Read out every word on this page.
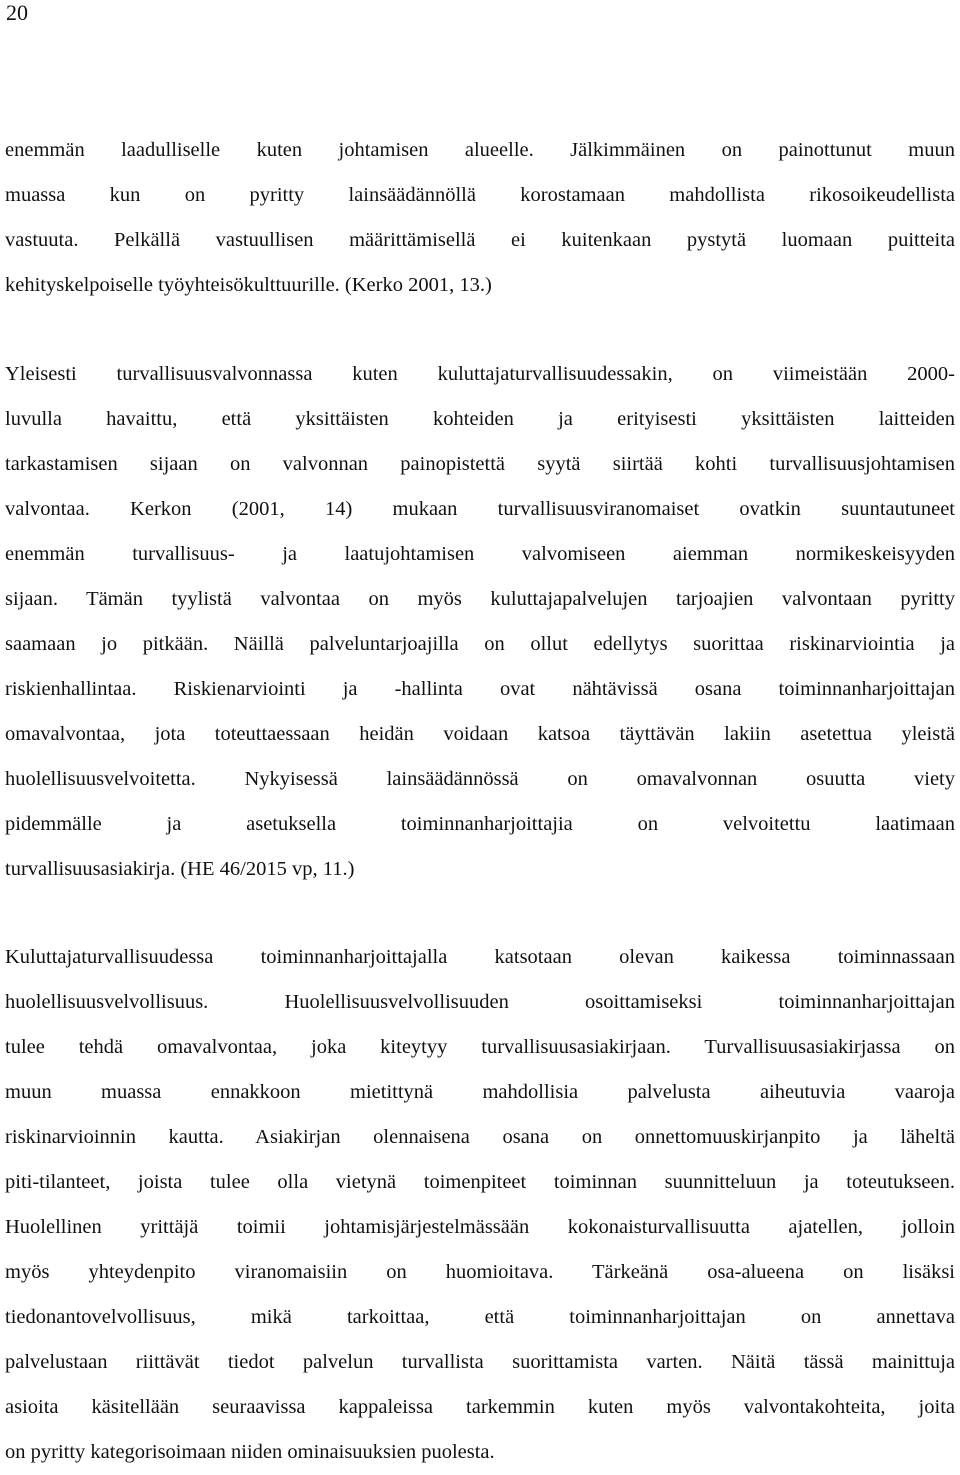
20
enemmän laadulliselle kuten johtamisen alueelle. Jälkimmäinen on painottunut muun
muassa kun on pyritty lainsäädännöllä korostamaan mahdollista rikosoikeudellista
vastuuta. Pelkällä vastuullisen määrittämisellä ei kuitenkaan pystytä luomaan puitteita
kehityskelpoiselle työyhteisökulttuurille. (Kerko 2001, 13.)
Yleisesti turvallisuusvalvonnassa kuten kuluttajaturvallisuudessakin, on viimeistään 2000-
luvulla havaittu, että yksittäisten kohteiden ja erityisesti yksittäisten laitteiden
tarkastamisen sijaan on valvonnan painopistettä syytä siirtää kohti turvallisuusjohtamisen
valvontaa. Kerkon (2001, 14) mukaan turvallisuusviranomaiset ovatkin suuntautuneet
enemmän turvallisuus- ja laatujohtamisen valvomiseen aiemman normikeskeisyyden
sijaan. Tämän tyylistä valvontaa on myös kuluttajapalvelujen tarjoajien valvontaan pyritty
saamaan jo pitkään. Näillä palveluntarjoajilla on ollut edellytys suorittaa riskinarviointia ja
riskienhallintaa. Riskienarviointi ja -hallinta ovat nähtävissä osana toiminnanharjoittajan
omavalvontaa, jota toteuttaessaan heidän voidaan katsoa täyttävän lakiin asetettua yleistä
huolellisuusvelvoitetta. Nykyisessä lainsäädännössä on omavalvonnan osuutta viety
pidemmälle ja asetuksella toiminnanharjoittajia on velvoitettu laatimaan
turvallisuusasiakirja. (HE 46/2015 vp, 11.)
Kuluttajaturvallisuudessa toiminnanharjoittajalla katsotaan olevan kaikessa toiminnassaan
huolellisuusvelvollisuus. Huolellisuusvelvollisuuden osoittamiseksi toiminnanharjoittajan
tulee tehdä omavalvontaa, joka kiteytyy turvallisuusasiakirjaan. Turvallisuusasiakirjassa on
muun muassa ennakkoon mietittynä mahdollisia palvelusta aiheutuvia vaaroja
riskinarvioinnin kautta. Asiakirjan olennaisena osana on onnettomuuskirjanpito ja läheltä
piti-tilanteet, joista tulee olla vietynä toimenpiteet toiminnan suunnitteluun ja toteutukseen.
Huolellinen yrittäjä toimii johtamisjärjestelmässään kokonaisturvallisuutta ajatellen, jolloin
myös yhteydenpito viranomaisiin on huomioitava. Tärkeänä osa-alueena on lisäksi
tiedonantovelvollisuus, mikä tarkoittaa, että toiminnanharjoittajan on annettava
palvelustaan riittävät tiedot palvelun turvallista suorittamista varten. Näitä tässä mainittuja
asioita käsitellään seuraavissa kappaleissa tarkemmin kuten myös valvontakohteita, joita
on pyritty kategorisoimaan niiden ominaisuuksien puolesta.
